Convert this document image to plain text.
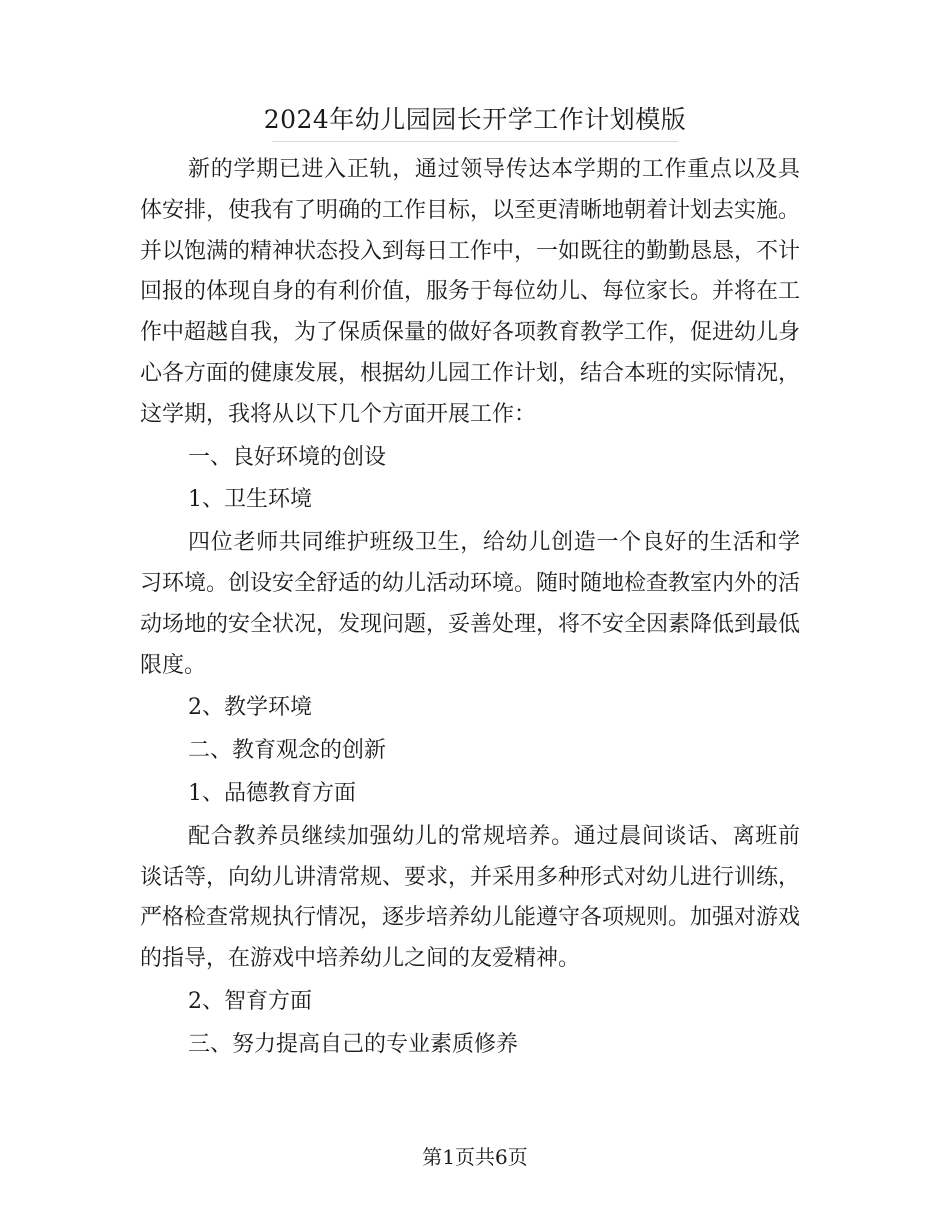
2024年幼儿园园长开学工作计划模版

新的学期已进入正轨，通过领导传达本学期的工作重点以及具体安排，使我有了明确的工作目标，以至更清晰地朝着计划去实施。并以饱满的精神状态投入到每日工作中，一如既往的勤勤恳恳，不计回报的体现自身的有利价值，服务于每位幼儿、每位家长。并将在工作中超越自我，为了保质保量的做好各项教育教学工作，促进幼儿身心各方面的健康发展，根据幼儿园工作计划，结合本班的实际情况，这学期，我将从以下几个方面开展工作：

一、良好环境的创设

1、卫生环境

四位老师共同维护班级卫生，给幼儿创造一个良好的生活和学习环境。创设安全舒适的幼儿活动环境。随时随地检查教室内外的活动场地的安全状况，发现问题，妥善处理，将不安全因素降低到最低限度。

2、教学环境

二、教育观念的创新

1、品德教育方面

配合教养员继续加强幼儿的常规培养。通过晨间谈话、离班前谈话等，向幼儿讲清常规、要求，并采用多种形式对幼儿进行训练，严格检查常规执行情况，逐步培养幼儿能遵守各项规则。加强对游戏的指导，在游戏中培养幼儿之间的友爱精神。

2、智育方面

三、努力提高自己的专业素质修养

第1页共6页
